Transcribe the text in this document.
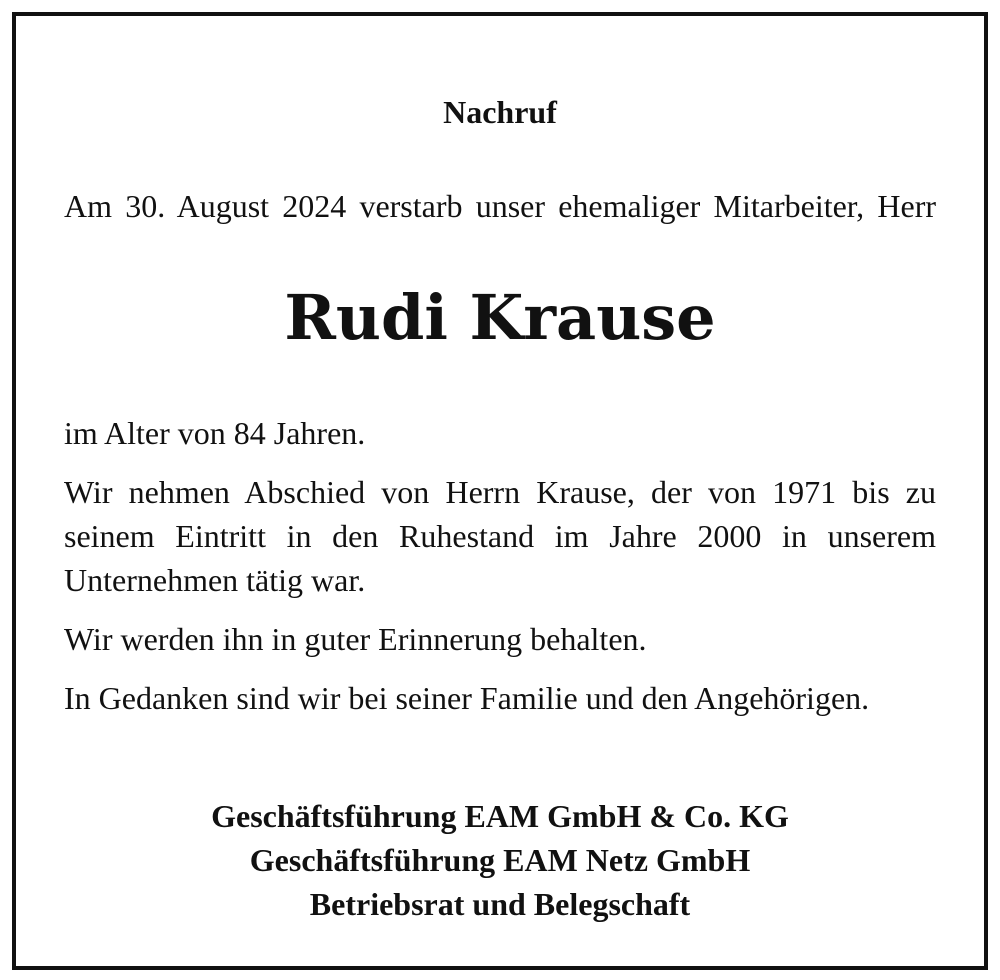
Nachruf
Am 30. August 2024 verstarb unser ehemaliger Mitarbeiter, Herr
Rudi Krause

im Alter von 84 Jahren.

Wir nehmen Abschied von Herrn Krause, der von 1971 bis zu seinem Eintritt in den Ruhestand im Jahre 2000 in unserem Unternehmen tätig war.

Wir werden ihn in guter Erinnerung behalten.

In Gedanken sind wir bei seiner Familie und den Angehörigen.

Geschäftsführung EAM GmbH & Co. KG
Geschäftsführung EAM Netz GmbH
Betriebsrat und Belegschaft
